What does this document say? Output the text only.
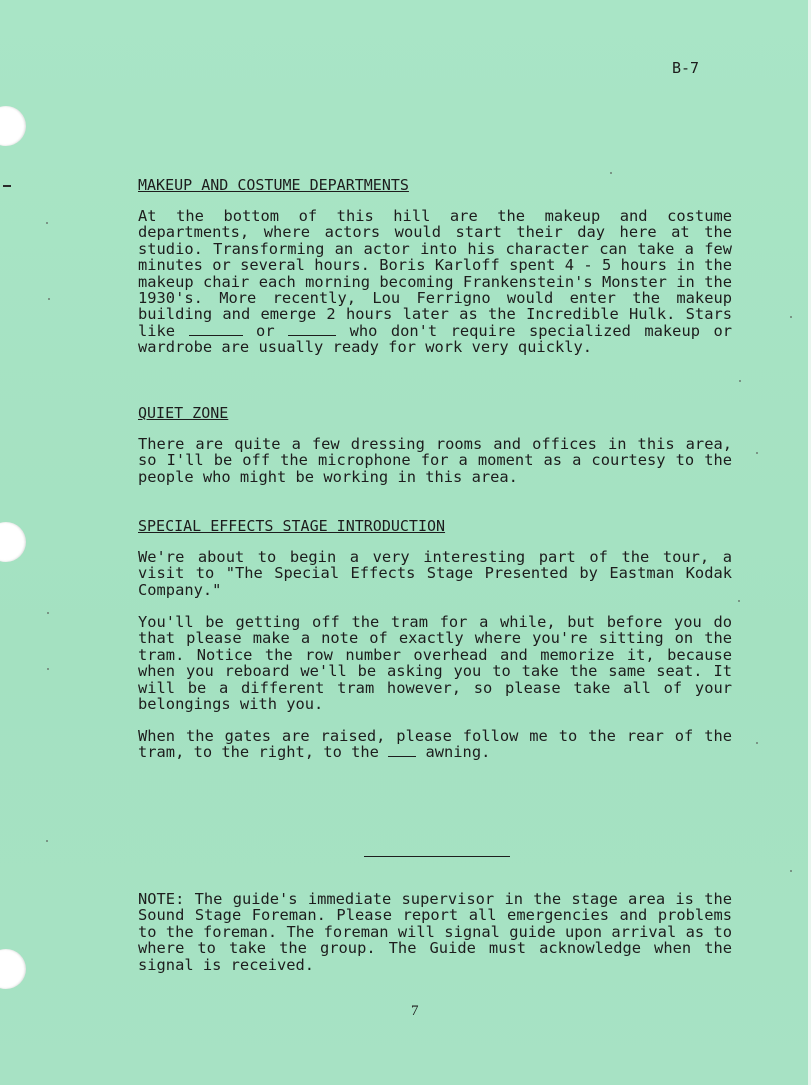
B-7
MAKEUP AND COSTUME DEPARTMENTS
At the bottom of this hill are the makeup and costume departments, where actors would start their day here at the studio. Transforming an actor into his character can take a few minutes or several hours. Boris Karloff spent 4 - 5 hours in the makeup chair each morning becoming Frankenstein's Monster in the 1930's. More recently, Lou Ferrigno would enter the makeup building and emerge 2 hours later as the Incredible Hulk. Stars like	or	who don't require specialized makeup or wardrobe are usually ready for work very quickly.
QUIET ZONE
There are quite a few dressing rooms and offices in this area, so I'll be off the microphone for a moment as a courtesy to the people who might be working in this area.
SPECIAL EFFECTS STAGE INTRODUCTION
We're about to begin a very interesting part of the tour, a visit to "The Special Effects Stage Presented by Eastman Kodak Company."
You'll be getting off the tram for a while, but before you do that please make a note of exactly where you're sitting on the tram. Notice the row number overhead and memorize it, because when you reboard we'll be asking you to take the same seat. It will be a different tram however, so please take all of your belongings with you.
When the gates are raised, please follow me to the rear of the tram, to the right, to the	awning.
NOTE: The guide's immediate supervisor in the stage area is the Sound Stage Foreman. Please report all emergencies and problems to the foreman. The foreman will signal guide upon arrival as to where to take the group. The Guide must acknowledge when the signal is received.
7
